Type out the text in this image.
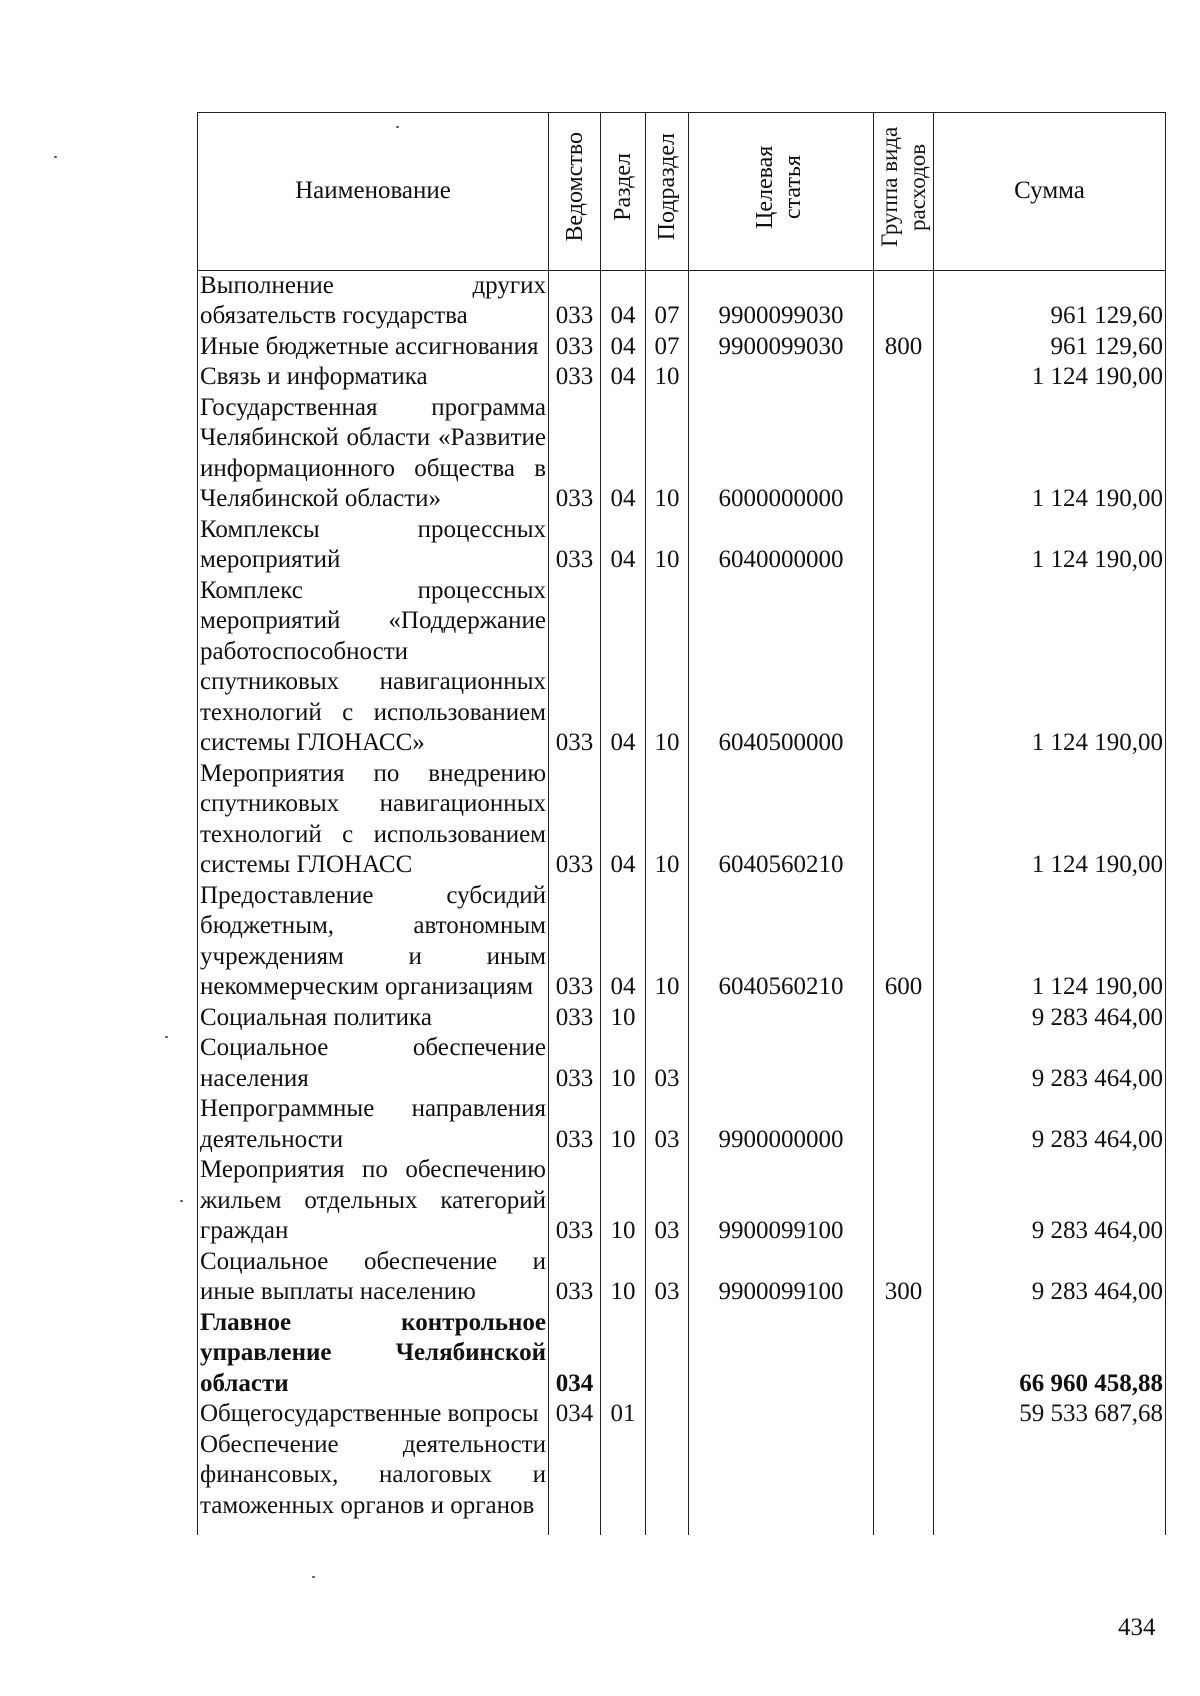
Наименование	Ведомство	Раздел	Подраздел	Целевая статья	Группа вида расходов	Сумма
Выполнение других обязательств государства	033	04	07	9900099030		961 129,60
Иные бюджетные ассигнования	033	04	07	9900099030	800	961 129,60
Связь и информатика	033	04	10			1 124 190,00
Государственная программа Челябинской области «Развитие информационного общества в Челябинской области»	033	04	10	6000000000		1 124 190,00
Комплексы процессных мероприятий	033	04	10	6040000000		1 124 190,00
Комплекс процессных мероприятий «Поддержание работоспособности спутниковых навигационных технологий с использованием системы ГЛОНАСС»	033	04	10	6040500000		1 124 190,00
Мероприятия по внедрению спутниковых навигационных технологий с использованием системы ГЛОНАСС	033	04	10	6040560210		1 124 190,00
Предоставление субсидий бюджетным, автономным учреждениям и иным некоммерческим организациям	033	04	10	6040560210	600	1 124 190,00
Социальная политика	033	10				9 283 464,00
Социальное обеспечение населения	033	10	03			9 283 464,00
Непрограммные направления деятельности	033	10	03	9900000000		9 283 464,00
Мероприятия по обеспечению жильем отдельных категорий граждан	033	10	03	9900099100		9 283 464,00
Социальное обеспечение и иные выплаты населению	033	10	03	9900099100	300	9 283 464,00
Главное контрольное управление Челябинской области	034					66 960 458,88
Общегосударственные вопросы	034	01				59 533 687,68
Обеспечение деятельности финансовых, налоговых и таможенных органов и органов						
434
